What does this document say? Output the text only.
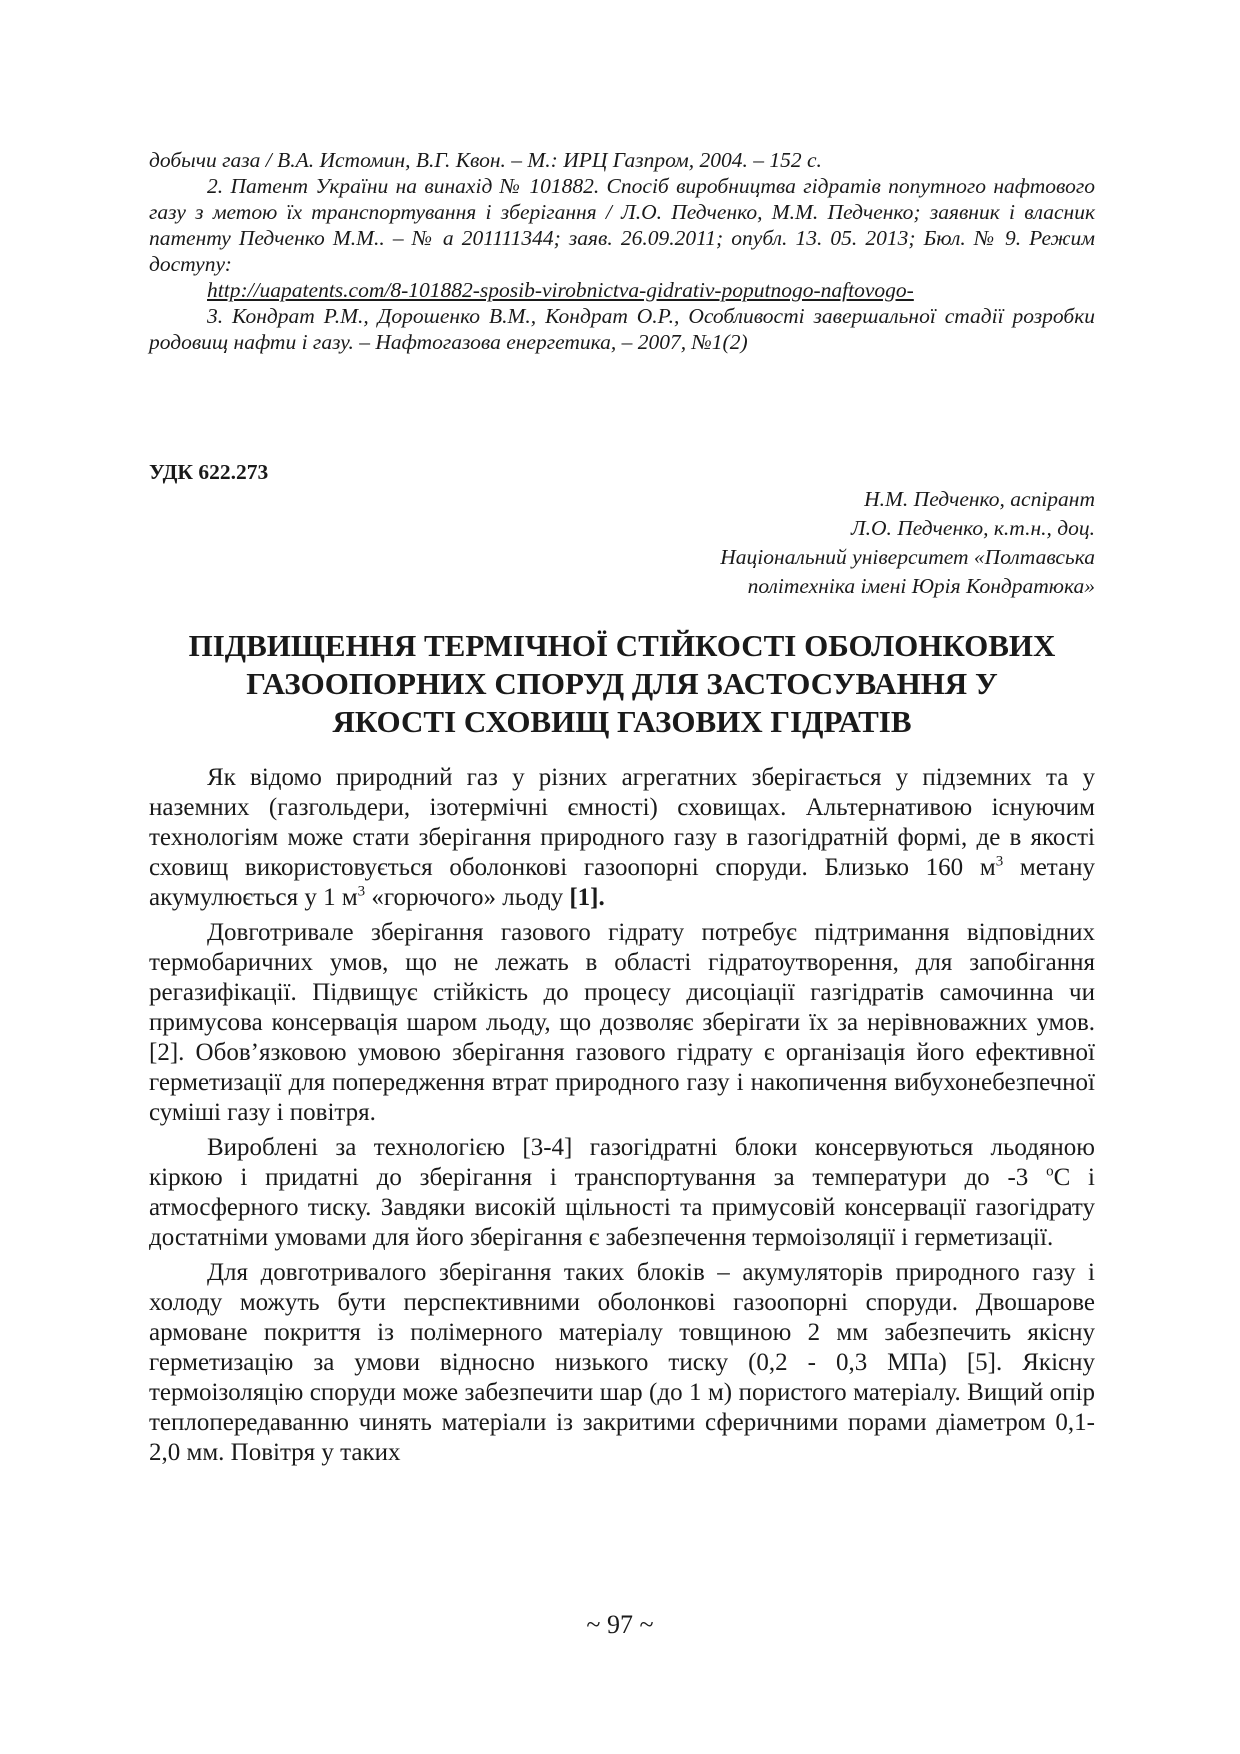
добычи газа / В.А. Истомин, В.Г. Квон. – М.: ИРЦ Газпром, 2004. – 152 с.

2. Патент України на винахід № 101882. Спосіб виробництва гідратів попутного нафтового газу з метою їх транспортування і зберігання / Л.О. Педченко, М.М. Педченко; заявник і власник патенту Педченко М.М.. – № а 201111344; заяв. 26.09.2011; опубл. 13. 05. 2013; Бюл. № 9. Режим доступу:

http://uapatents.com/8-101882-sposib-virobnictva-gidrativ-poputnogo-naftovogo-

3. Кондрат Р.М., Дорошенко В.М., Кондрат О.Р., Особливості завершальної стадії розробки родовищ нафти і газу. – Нафтогазова енергетика, – 2007, №1(2)

УДК 622.273
Н.М. Педченко, аспірант
Л.О. Педченко, к.т.н., доц.
Національний університет «Полтавська
політехніка імені Юрія Кондратюка»
ПІДВИЩЕННЯ ТЕРМІЧНОЇ СТІЙКОСТІ ОБОЛОНКОВИХ
ГАЗООПОРНИХ СПОРУД ДЛЯ ЗАСТОСУВАННЯ У
ЯКОСТІ СХОВИЩ ГАЗОВИХ ГІДРАТІВ

Як відомо природний газ у різних агрегатних зберігається у підземних та у наземних (газгольдери, ізотермічні ємності) сховищах. Альтернативою існуючим технологіям може стати зберігання природного газу в газогідратній формі, де в якості сховищ використовується оболонкові газоопорні споруди. Близько 160 $м^3$ метану акумулюється у 1 $м^3$ «горючого» льоду [1].

Довготривале зберігання газового гідрату потребує підтримання відповідних термобаричних умов, що не лежать в області гідратоутворення, для запобігання регазифікації. Підвищує стійкість до процесу дисоціації газгідратів самочинна чи примусова консервація шаром льоду, що дозволяє зберігати їх за нерівноважних умов. [2]. Обов’язковою умовою зберігання газового гідрату є організація його ефективної герметизації для попередження втрат природного газу і накопичення вибухонебезпечної суміші газу і повітря.

Вироблені за технологією [3-4] газогідратні блоки консервуються льодяною кіркою і придатні до зберігання і транспортування за температури до -3 $^о$С і атмосферного тиску. Завдяки високій щільності та примусовій консервації газогідрату достатніми умовами для його зберігання є забезпечення термоізоляції і герметизації.

Для довготривалого зберігання таких блоків – акумуляторів природного газу і холоду можуть бути перспективними оболонкові газоопорні споруди. Двошарове армоване покриття із полімерного матеріалу товщиною 2 мм забезпечить якісну герметизацію за умови відносно низького тиску (0,2 - 0,3 МПа) [5]. Якісну термоізоляцію споруди може забезпечити шар (до 1 м) пористого матеріалу. Вищий опір теплопередаванню чинять матеріали із закритими сферичними порами діаметром 0,1-2,0 мм. Повітря у таких

~ 97 ~
